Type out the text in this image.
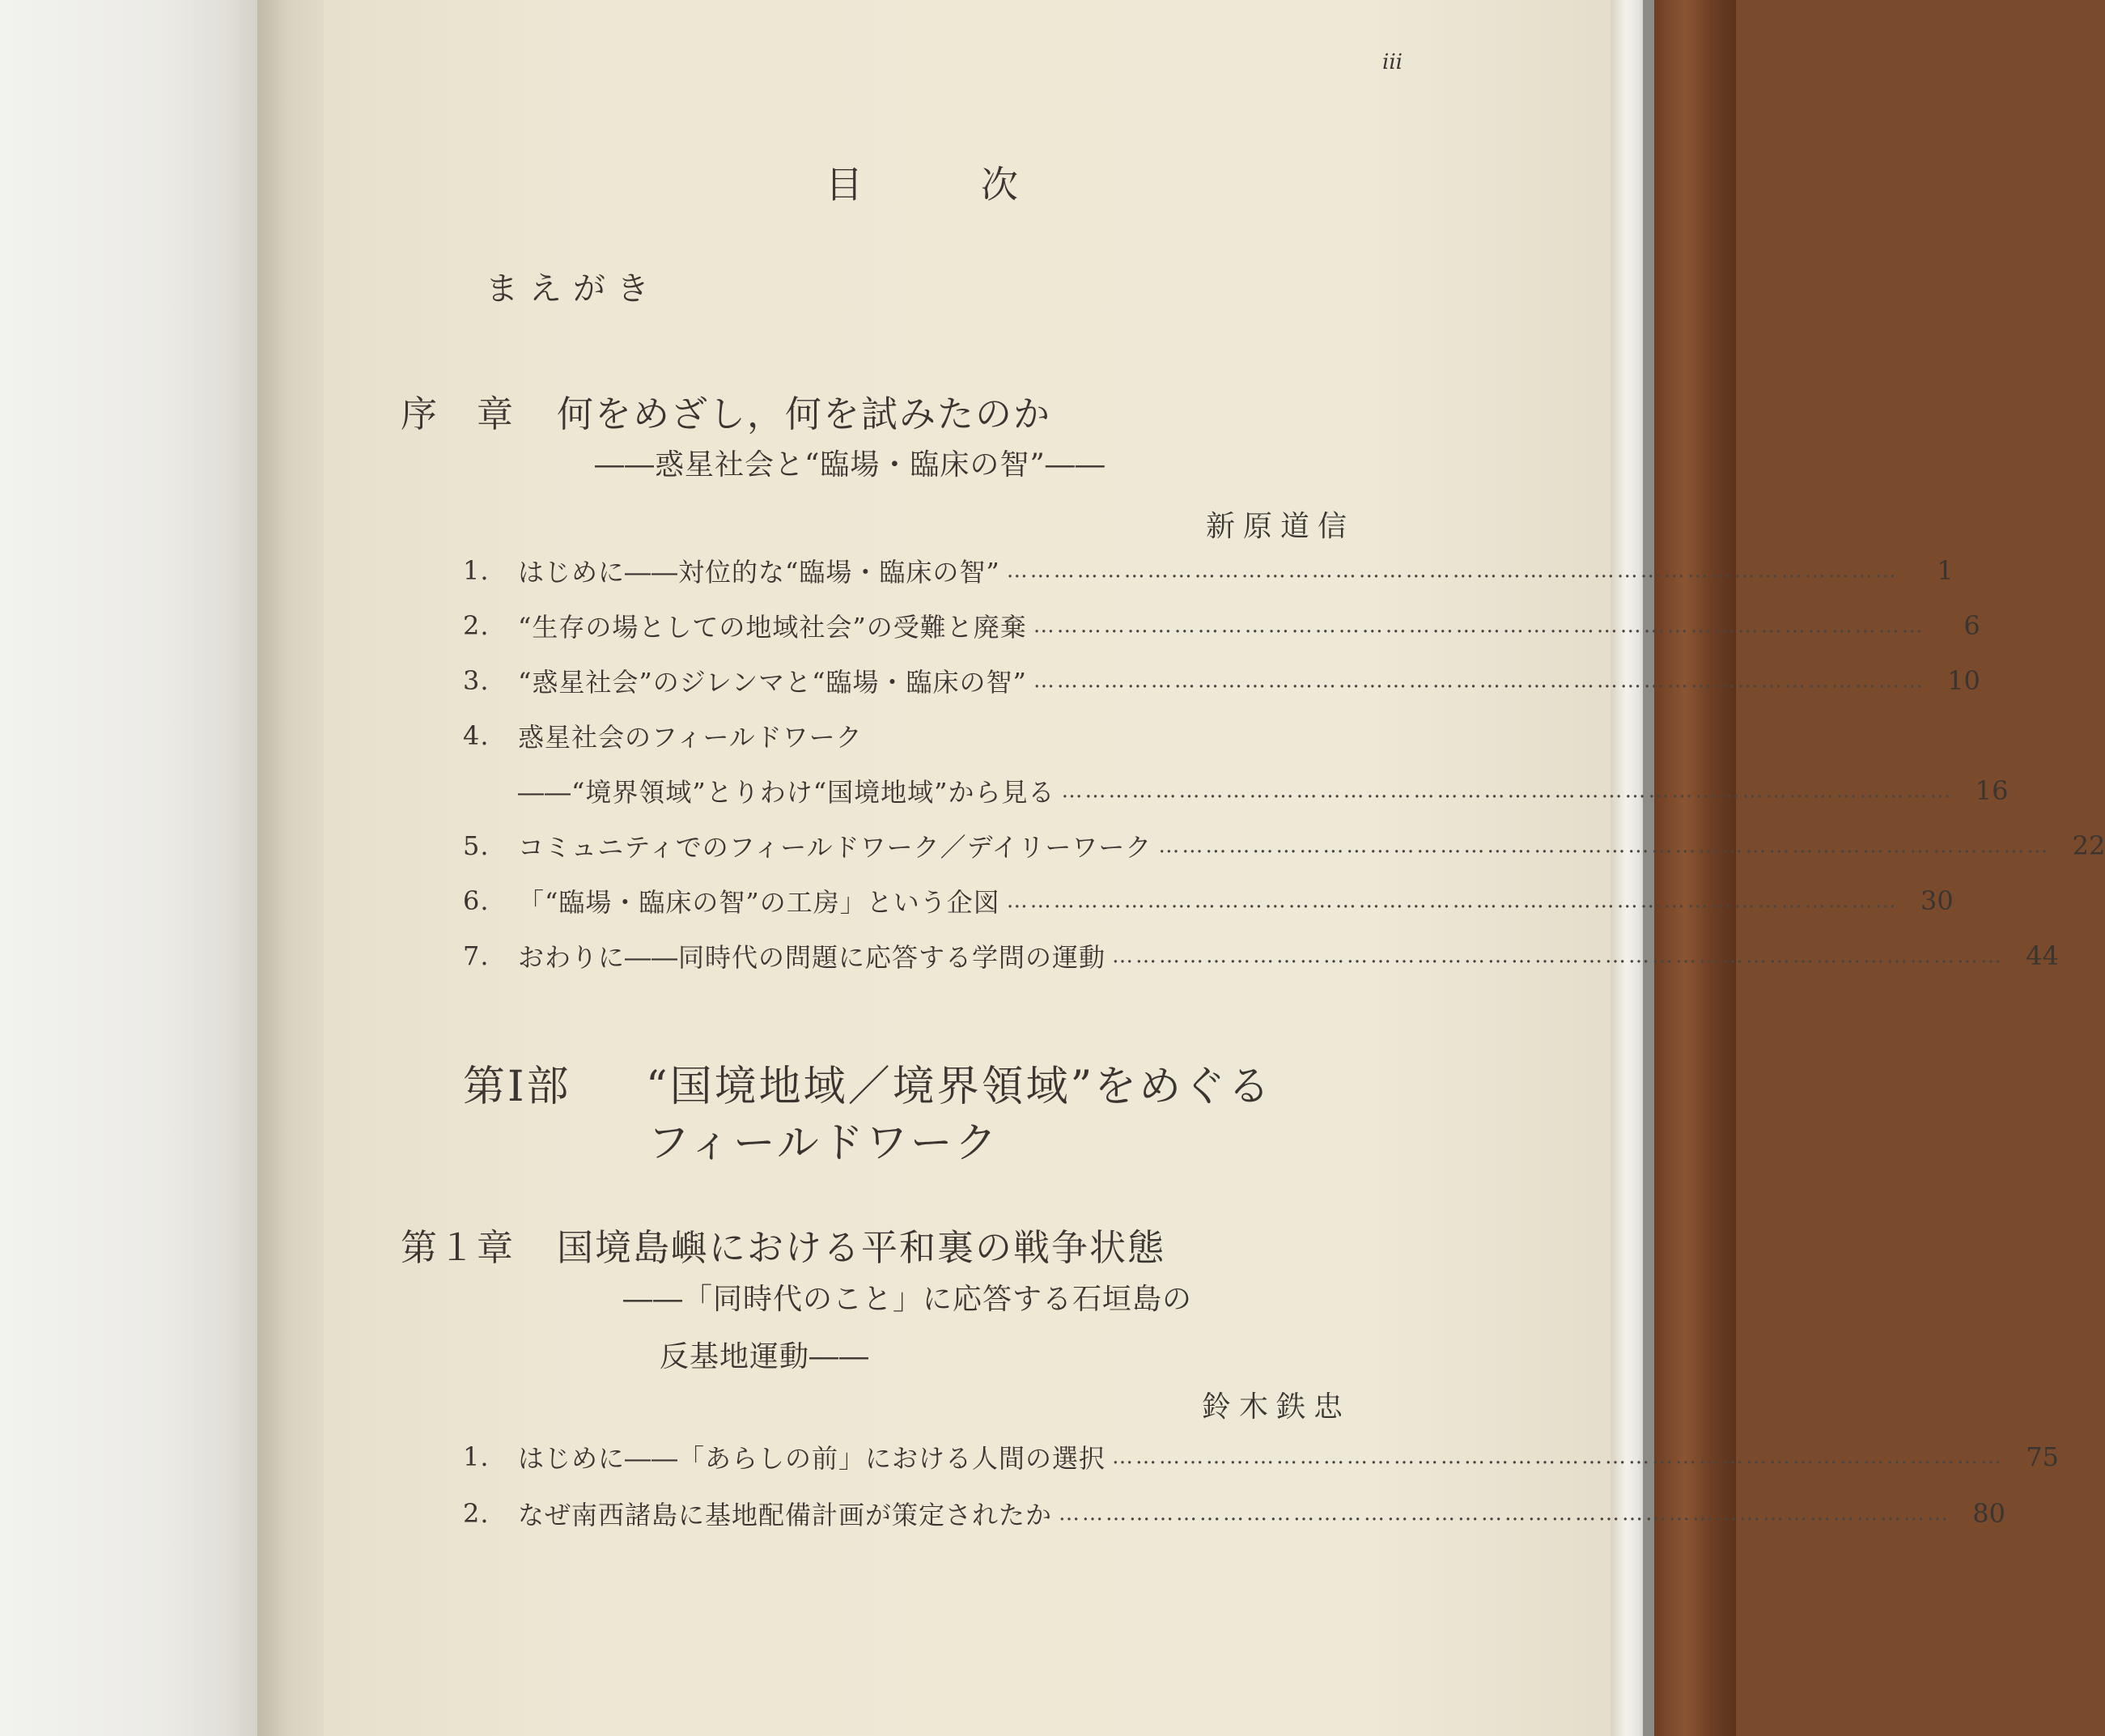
iii
目　　　次
まえがき
序　章 何をめざし，何を試みたのか
――惑星社会と“臨場・臨床の智”――
新原道信
1.	はじめに――対位的な“臨場・臨床の智” ……………………………………………………………………………………………………	1
2.	“生存の場としての地域社会”の受難と廃棄 ……………………………………………………………………………………………………	6
3.	“惑星社会”のジレンマと“臨場・臨床の智” …………………………………………………………………………………………………… 10
4.	惑星社会のフィールドワーク
――“境界領域”とりわけ“国境地域”から見る …………………………………………………………………………………………………… 16
5.	コミュニティでのフィールドワーク／デイリーワーク …………………………………………………………………………………………………… 22
6.	「“臨場・臨床の智”の工房」という企図 …………………………………………………………………………………………………… 30
7.	おわりに――同時代の問題に応答する学問の運動 …………………………………………………………………………………………………… 44
第Ⅰ部 “国境地域／境界領域”をめぐる
フィールドワーク
第１章 国境島嶼における平和裏の戦争状態
――「同時代のこと」に応答する石垣島の
反基地運動――
鈴木鉄忠
1.	はじめに――「あらしの前」における人間の選択 …………………………………………………………………………………………………… 75
2.	なぜ南西諸島に基地配備計画が策定されたか …………………………………………………………………………………………………… 80
